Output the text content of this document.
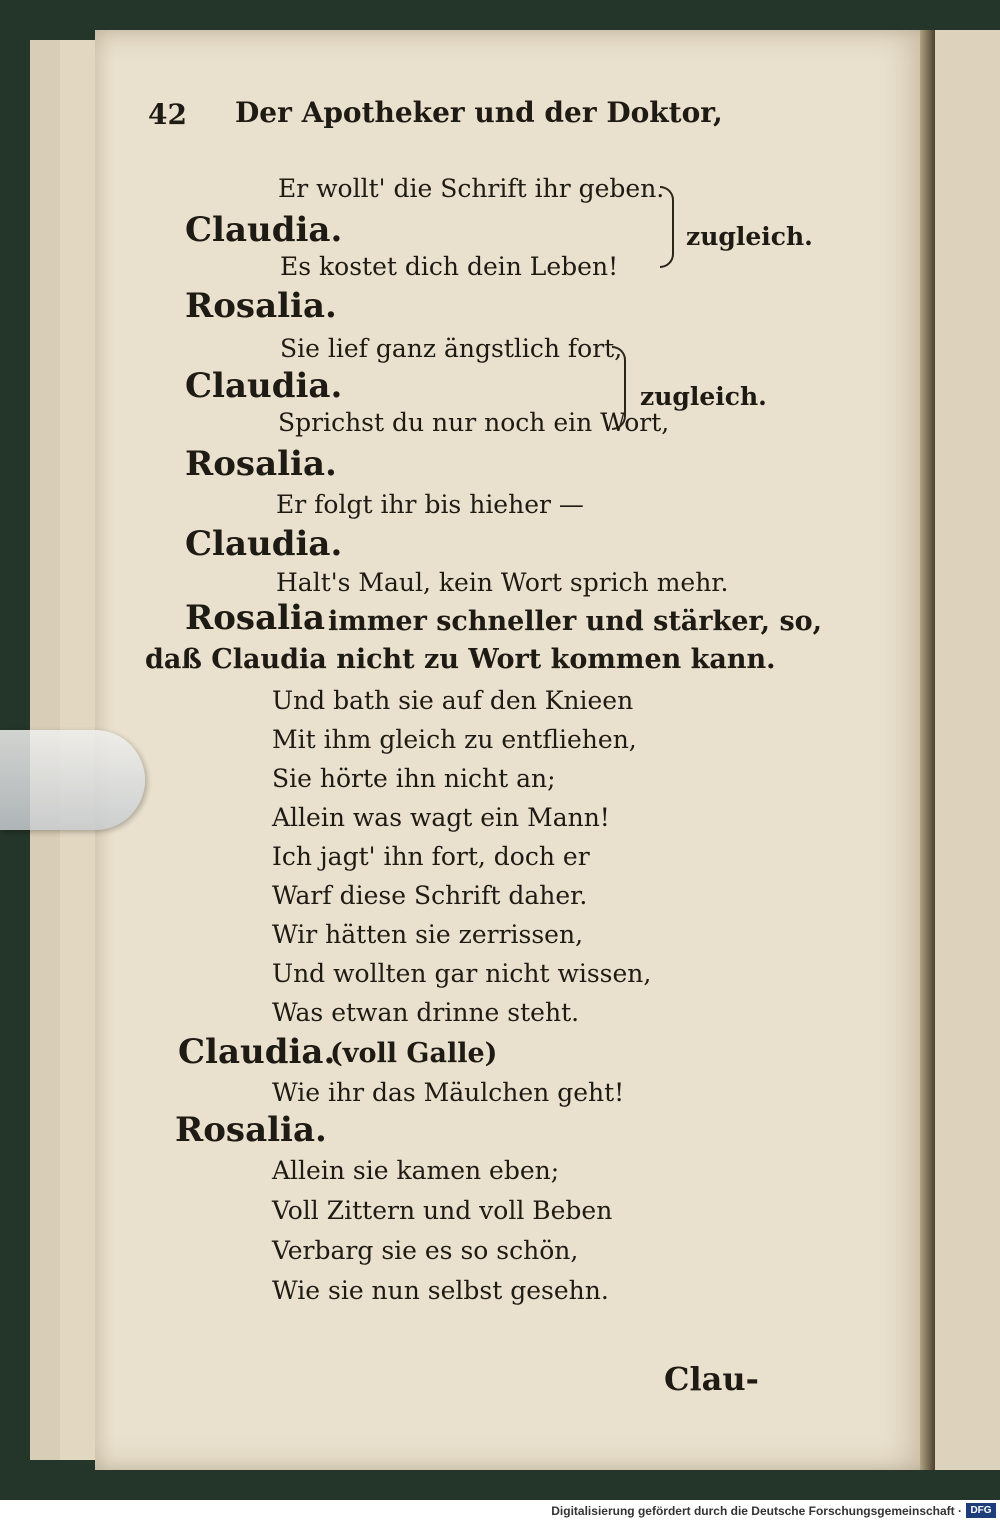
42 Der Apotheker und der Doktor,
Er wollt' die Schrift ihr geben.
Claudia.
Es kostet dich dein Leben!
zugleich.
Rosalia.
Sie lief ganz ängstlich fort,
Claudia.
Sprichst du nur noch ein Wort,
zugleich.
Rosalia.
Er folgt ihr bis hieher —
Claudia.
Halt's Maul, kein Wort sprich mehr.
Rosalia immer schneller und stärker, so,
daß Claudia nicht zu Wort kommen kann.
Und bath sie auf den Knieen
Mit ihm gleich zu entfliehen,
Sie hörte ihn nicht an;
Allein was wagt ein Mann!
Ich jagt' ihn fort, doch er
Warf diese Schrift daher.
Wir hätten sie zerrissen,
Und wollten gar nicht wissen,
Was etwan drinne steht.
Claudia.
(voll Galle)
Wie ihr das Mäulchen geht!
Rosalia.
Allein sie kamen eben;
Voll Zittern und voll Beben
Verbarg sie es so schön,
Wie sie nun selbst gesehn.
Clau-
Digitalisierung gefördert durch die Deutsche Forschungsgemeinschaft · DFG
